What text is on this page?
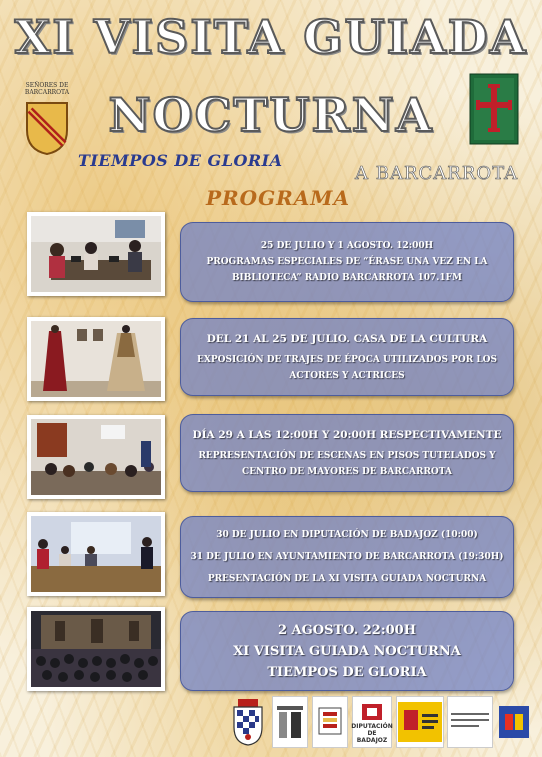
XI VISITA GUIADA
NOCTURNA
SEÑORES DE BARCARROTA
TIEMPOS DE GLORIA
A BARCARROTA
PROGRAMA
25 DE JULIO Y 1 AGOSTO. 12:00H
PROGRAMAS ESPECIALES DE “ÉRASE UNA VEZ EN LA
BIBLIOTECA” RADIO BARCARROTA 107.1FM
DEL 21 AL 25 DE JULIO. CASA DE LA CULTURA
EXPOSICIÓN DE TRAJES DE ÉPOCA UTILIZADOS POR LOS
ACTORES Y ACTRICES
DÍA 29 A LAS 12:00H Y 20:00H RESPECTIVAMENTE
REPRESENTACIÓN DE ESCENAS EN PISOS TUTELADOS Y
CENTRO DE MAYORES DE BARCARROTA
30 DE JULIO EN DIPUTACIÓN DE BADAJOZ (10:00)
31 DE JULIO EN AYUNTAMIENTO DE BARCARROTA (19:30H)
PRESENTACIÓN DE LA XI VISITA GUIADA NOCTURNA
2 AGOSTO. 22:00H
XI VISITA GUIADA NOCTURNA
TIEMPOS DE GLORIA
DIPUTACIÓN DE BADAJOZ
